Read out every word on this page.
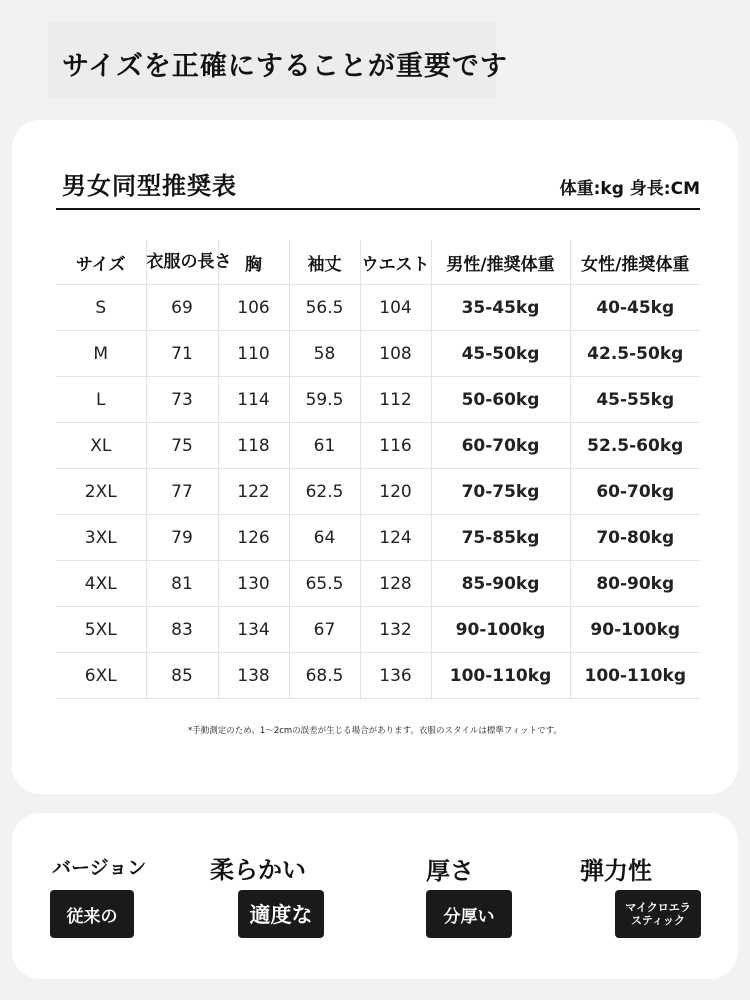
サイズを正確にすることが重要です
男女同型推奨表	体重:kg 身長:CM
サイズ	衣服の長さ	胸	袖丈	ウエスト	男性/推奨体重	女性/推奨体重
S	69	106	56.5	104	35-45kg	40-45kg
M	71	110	58	108	45-50kg	42.5-50kg
L	73	114	59.5	112	50-60kg	45-55kg
XL	75	118	61	116	60-70kg	52.5-60kg
2XL	77	122	62.5	120	70-75kg	60-70kg
3XL	79	126	64	124	75-85kg	70-80kg
4XL	81	130	65.5	128	85-90kg	80-90kg
5XL	83	134	67	132	90-100kg	90-100kg
6XL	85	138	68.5	136	100-110kg	100-110kg
*手動測定のため、1～2cmの誤差が生じる場合があります。衣服のスタイルは標準フィットです。
バージョン
従来の
柔らかい
適度な
厚さ
分厚い
弾力性
マイクロエラスティック
